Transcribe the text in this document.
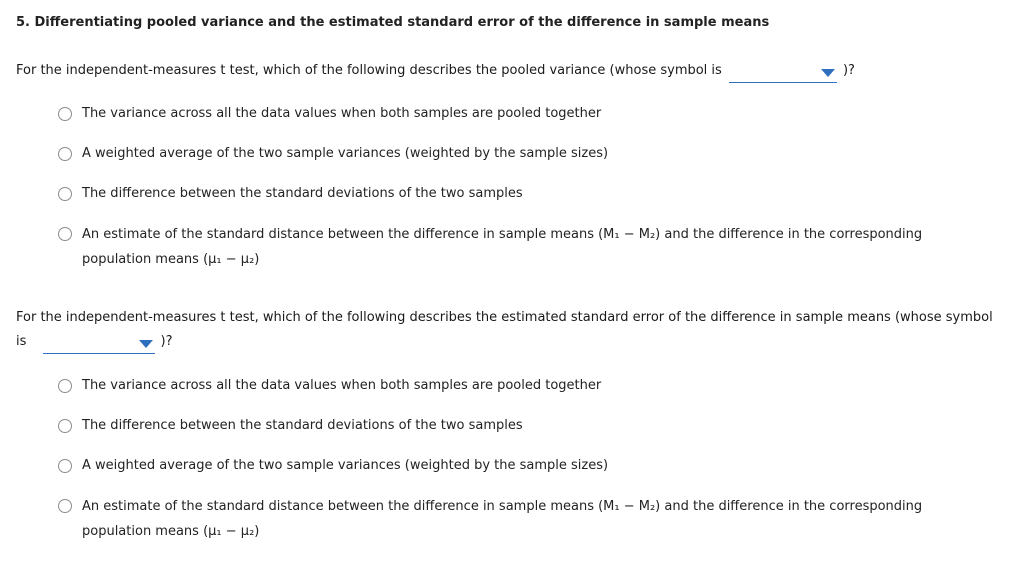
5. Differentiating pooled variance and the estimated standard error of the difference in sample means
For the independent-measures t test, which of the following describes the pooled variance (whose symbol is	)?
The variance across all the data values when both samples are pooled together
A weighted average of the two sample variances (weighted by the sample sizes)
The difference between the standard deviations of the two samples
An estimate of the standard distance between the difference in sample means (M₁ − M₂) and the difference in the corresponding population means (μ₁ − μ₂)
For the independent-measures t test, which of the following describes the estimated standard error of the difference in sample means (whose symbol is	)?
The variance across all the data values when both samples are pooled together
The difference between the standard deviations of the two samples
A weighted average of the two sample variances (weighted by the sample sizes)
An estimate of the standard distance between the difference in sample means (M₁ − M₂) and the difference in the corresponding population means (μ₁ − μ₂)
